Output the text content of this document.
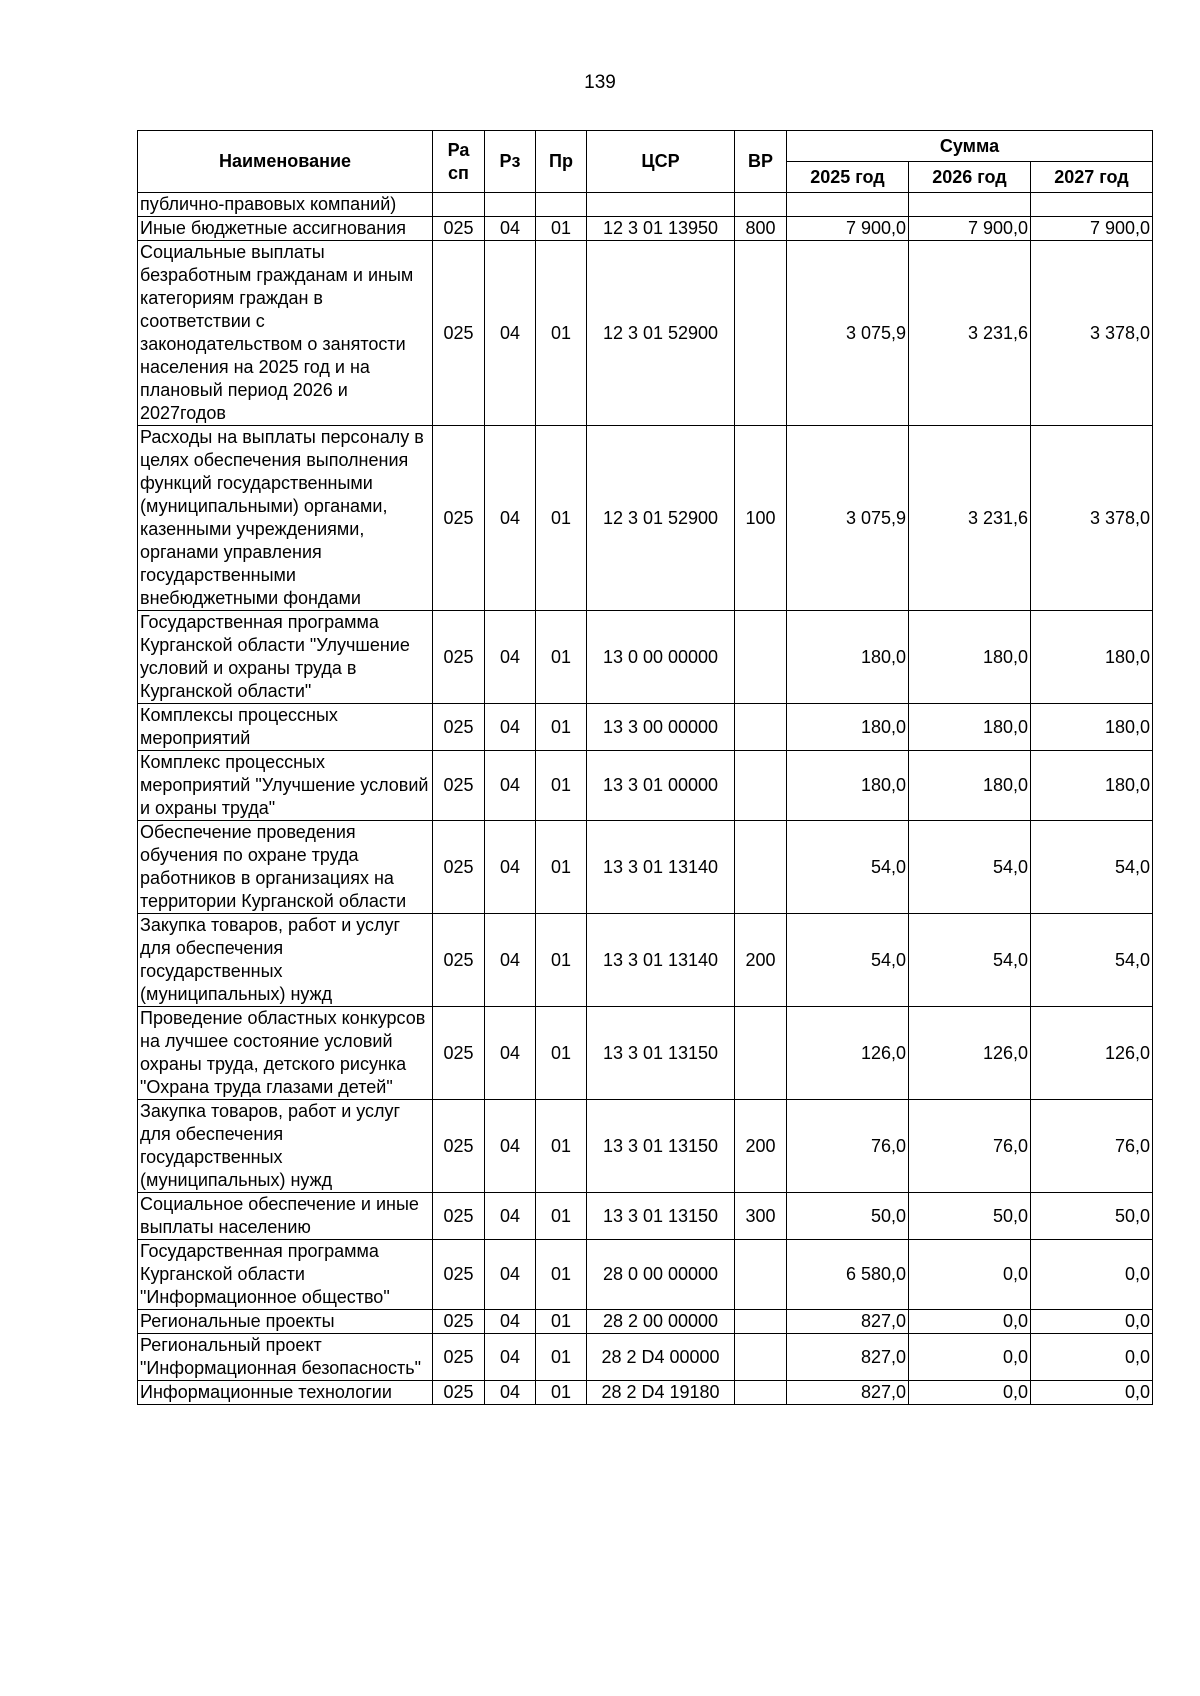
139
Наименование	Ра сп	Рз	Пр	ЦСР	ВР	Сумма		
						2025 год	2026 год	2027 год
публично-правовых компаний)								
Иные бюджетные ассигнования	025	04	01	12 3 01 13950	800	7 900,0	7 900,0	7 900,0
Социальные выплаты безработным гражданам и иным категориям граждан в соответствии с законодательством о занятости населения на 2025 год и на плановый период 2026 и 2027годов	025	04	01	12 3 01 52900		3 075,9	3 231,6	3 378,0
Расходы на выплаты персоналу в целях обеспечения выполнения функций государственными (муниципальными) органами, казенными учреждениями, органами управления государственными внебюджетными фондами	025	04	01	12 3 01 52900	100	3 075,9	3 231,6	3 378,0
Государственная программа Курганской области "Улучшение условий и охраны труда в Курганской области"	025	04	01	13 0 00 00000		180,0	180,0	180,0
Комплексы процессных мероприятий	025	04	01	13 3 00 00000		180,0	180,0	180,0
Комплекс процессных мероприятий "Улучшение условий и охраны труда"	025	04	01	13 3 01 00000		180,0	180,0	180,0
Обеспечение проведения обучения по охране труда работников в организациях на территории Курганской области	025	04	01	13 3 01 13140		54,0	54,0	54,0
Закупка товаров, работ и услуг для обеспечения государственных (муниципальных) нужд	025	04	01	13 3 01 13140	200	54,0	54,0	54,0
Проведение областных конкурсов на лучшее состояние условий охраны труда, детского рисунка "Охрана труда глазами детей"	025	04	01	13 3 01 13150		126,0	126,0	126,0
Закупка товаров, работ и услуг для обеспечения государственных (муниципальных) нужд	025	04	01	13 3 01 13150	200	76,0	76,0	76,0
Социальное обеспечение и иные выплаты населению	025	04	01	13 3 01 13150	300	50,0	50,0	50,0
Государственная программа Курганской области "Информационное общество"	025	04	01	28 0 00 00000		6 580,0	0,0	0,0
Региональные проекты	025	04	01	28 2 00 00000		827,0	0,0	0,0
Региональный проект "Информационная безопасность"	025	04	01	28 2 D4 00000		827,0	0,0	0,0
Информационные технологии	025	04	01	28 2 D4 19180		827,0	0,0	0,0
